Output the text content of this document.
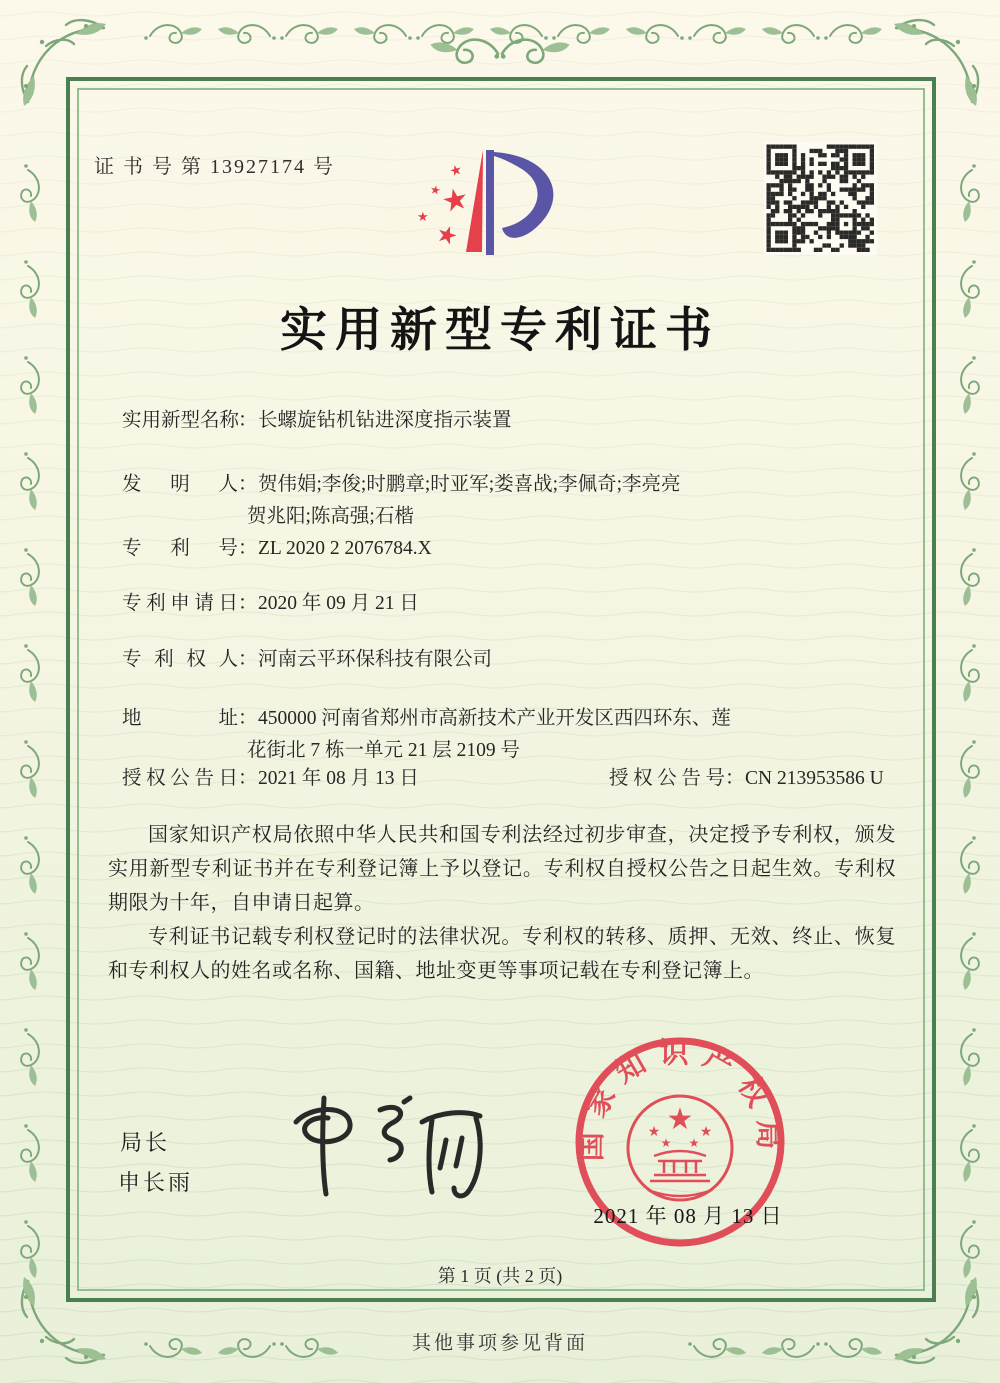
证 书 号 第 13927174 号	★
★
★
★
★
实用新型专利证书
实用新型名称：长螺旋钻机钻进深度指示装置
发明人：贺伟娟;李俊;时鹏章;时亚军;娄喜战;李佩奇;李亮亮
贺兆阳;陈高强;石楷
专利号：ZL 2020 2 2076784.X
专利申请日：2020 年 09 月 21 日
专利权人：河南云平环保科技有限公司
地址：450000 河南省郑州市高新技术产业开发区西四环东、莲
花街北 7 栋一单元 21 层 2109 号
授权公告日：2021 年 08 月 13 日	授权公告号：CN 213953586 U

国家知识产权局依照中华人民共和国专利法经过初步审查，决定授予专利权，颁发实用新型专利证书并在专利登记簿上予以登记。专利权自授权公告之日起生效。专利权期限为十年，自申请日起算。

专利证书记载专利权登记时的法律状况。专利权的转移、质押、无效、终止、恢复和专利权人的姓名或名称、国籍、地址变更等事项记载在专利登记簿上。

局长
申长雨
国家知识产权局
★
★	★
★ ★
2021 年 08 月 13 日
第 1 页 (共 2 页)
其他事项参见背面
